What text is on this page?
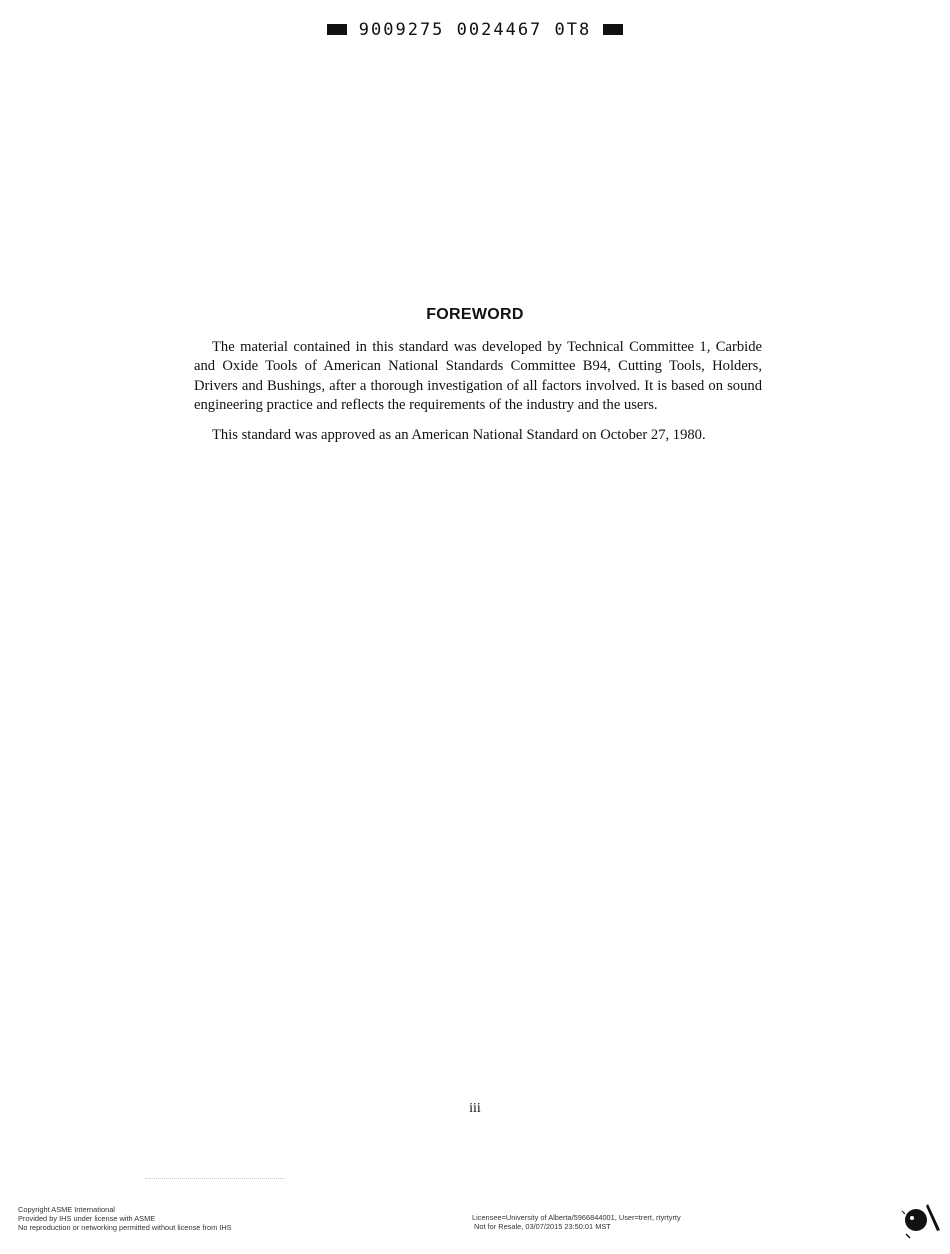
9009275 0024467 0T8
FOREWORD

The material contained in this standard was developed by Technical Committee 1, Carbide and Oxide Tools of American National Standards Committee B94, Cutting Tools, Holders, Drivers and Bushings, after a thorough investigation of all factors involved. It is based on sound engineering practice and reflects the requirements of the industry and the users.

This standard was approved as an American National Standard on October 27, 1980.

iii
Copyright ASME International
Provided by IHS under license with ASME
No reproduction or networking permitted without license from IHS
Licensee=University of Alberta/5966844001, User=trert, rtyrtyrty
Not for Resale, 03/07/2015 23:50:01 MST
